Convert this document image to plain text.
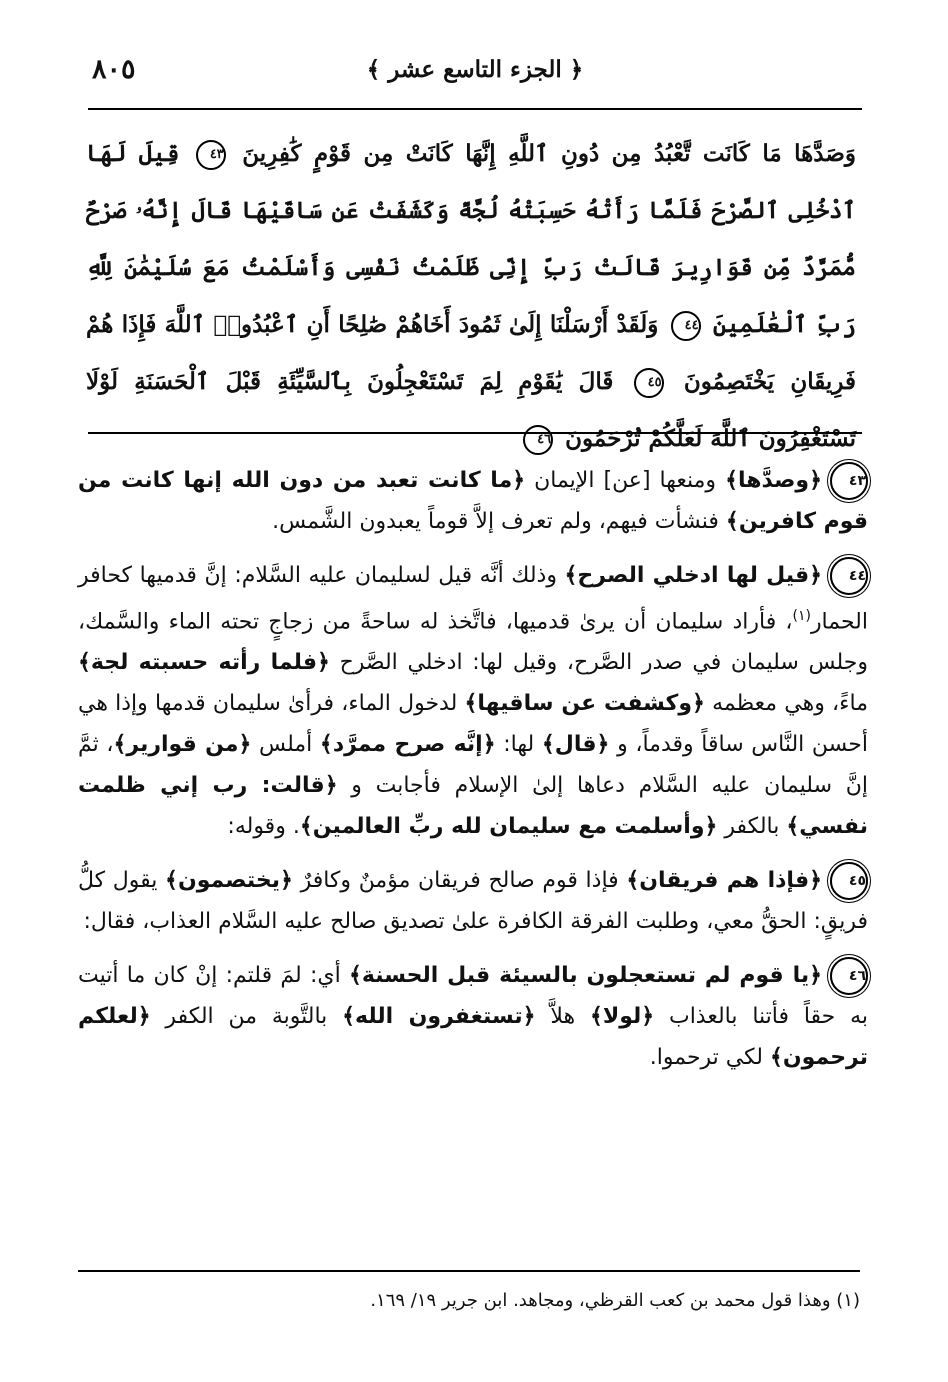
﴿ الجزء التاسع عشر ﴾
٨٠٥
وَصَدَّهَا مَا كَانَت تَّعْبُدُ مِن دُونِ ٱللَّهِ إِنَّهَا كَانَتْ مِن قَوْمٍ كَٰفِرِينَ ٤٣ قِيلَ لَهَا ٱدْخُلِى ٱلصَّرْحَ فَلَمَّا رَأَتْهُ حَسِبَتْهُ لُجَّةً وَكَشَفَتْ عَن سَاقَيْهَا قَالَ إِنَّهُۥ صَرْحٌ مُّمَرَّدٌ مِّن قَوَارِيرَ قَالَتْ رَبِّ إِنِّى ظَلَمْتُ نَفْسِى وَأَسْلَمْتُ مَعَ سُلَيْمَٰنَ لِلَّهِ رَبِّ ٱلْعَٰلَمِينَ ٤٤ وَلَقَدْ أَرْسَلْنَا إِلَىٰ ثَمُودَ أَخَاهُمْ صَٰلِحًا أَنِ ٱعْبُدُوا۟ ٱللَّهَ فَإِذَا هُمْ فَرِيقَانِ يَخْتَصِمُونَ ٤٥ قَالَ يَٰقَوْمِ لِمَ تَسْتَعْجِلُونَ بِٱلسَّيِّئَةِ قَبْلَ ٱلْحَسَنَةِ لَوْلَا تَسْتَغْفِرُونَ ٱللَّهَ لَعَلَّكُمْ تُرْحَمُونَ ٤٦
٤٣﴿وصدَّها﴾ ومنعها [عن] الإيمان ﴿ما كانت تعبد من دون الله إنها كانت من قوم كافرين﴾ فنشأت فيهم، ولم تعرف إلاَّ قوماً يعبدون الشَّمس.
٤٤﴿قيل لها ادخلي الصرح﴾ وذلك أنَّه قيل لسليمان عليه السَّلام: إنَّ قدميها كحافر الحمار$^{(١)}$، فأراد سليمان أن يرىٰ قدميها، فاتَّخذ له ساحةً من زجاجٍ تحته الماء والسَّمك، وجلس سليمان في صدر الصَّرح، وقيل لها: ادخلي الصَّرح ﴿فلما رأته حسبته لجة﴾ ماءً، وهي معظمه ﴿وكشفت عن ساقيها﴾ لدخول الماء، فرأىٰ سليمان قدمها وإذا هي أحسن النَّاس ساقاً وقدماً، و ﴿قال﴾ لها: ﴿إنَّه صرح ممرَّد﴾ أملس ﴿من قوارير﴾، ثمَّ إنَّ سليمان عليه السَّلام دعاها إلىٰ الإسلام فأجابت و ﴿قالت: رب إني ظلمت نفسي﴾ بالكفر ﴿وأسلمت مع سليمان لله ربِّ العالمين﴾. وقوله:
٤٥﴿فإذا هم فريقان﴾ فإذا قوم صالح فريقان مؤمنٌ وكافرٌ ﴿يختصمون﴾ يقول كلُّ فريقٍ: الحقُّ معي، وطلبت الفرقة الكافرة علىٰ تصديق صالح عليه السَّلام العذاب، فقال:
٤٦﴿يا قوم لم تستعجلون بالسيئة قبل الحسنة﴾ أي: لمَ قلتم: إنْ كان ما أتيت به حقاً فأتنا بالعذاب ﴿لولا﴾ هلاَّ ﴿تستغفرون الله﴾ بالتَّوبة من الكفر ﴿لعلكم ترحمون﴾ لكي ترحموا.
(١) وهذا قول محمد بن كعب القرظي، ومجاهد. ابن جرير ١٩/ ١٦٩.
